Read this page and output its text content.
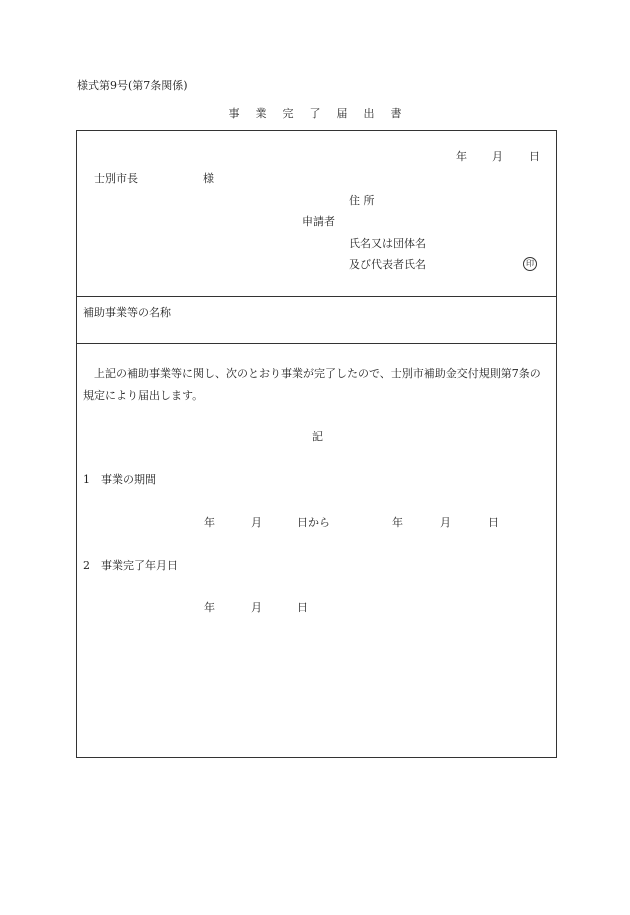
様式第9号(第7条関係)
事 業 完 了 届 出 書
年 月 日
士別市長	様
住 所
申請者
氏名又は団体名
及び代表者氏名	印
補助事業等の名称
上記の補助事業等に関し、次のとおり事業が完了したので、士別市補助金交付規則第7条の規定により届出します。
記
1　事業の期間
年	月	日から	年	月	日
2　事業完了年月日
年	月	日
